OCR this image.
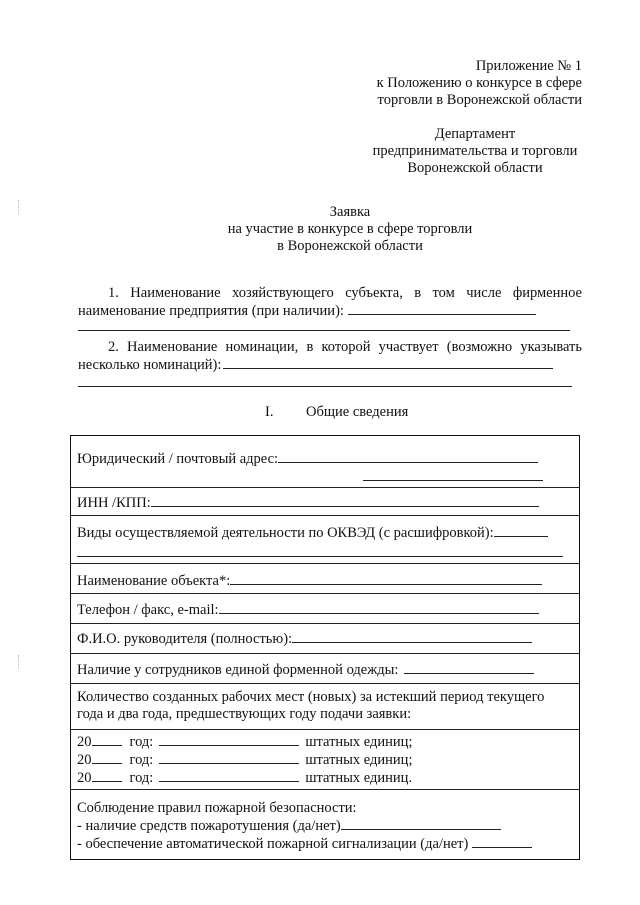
Приложение № 1
к Положению о конкурсе в сфере
торговли в Воронежской области
Департамент
предпринимательства и торговли
Воронежской области
Заявка
на участие в конкурсе в сфере торговли
в Воронежской области
1. Наименование хозяйствующего субъекта, в том числе фирменное
наименование предприятия (при наличии):
2. Наименование номинации, в которой участвует (возможно указывать
несколько номинаций):
I. Общие сведения
Юридический / почтовый адрес:
ИНН /КПП:
Виды осуществляемой деятельности по ОКВЭД (с расшифровкой):
Наименование объекта*:
Телефон / факс, e-mail:
Ф.И.О. руководителя (полностью):
Наличие у сотрудников единой форменной одежды:
Количество созданных рабочих мест (новых) за истекший период текущего
года и два года, предшествующих году подачи заявки:
20	год:	штатных единиц;
20	год:	штатных единиц;
20	год:	штатных единиц.
Соблюдение правил пожарной безопасности:
- наличие средств пожаротушения (да/нет)
- обеспечение автоматической пожарной сигнализации (да/нет)
